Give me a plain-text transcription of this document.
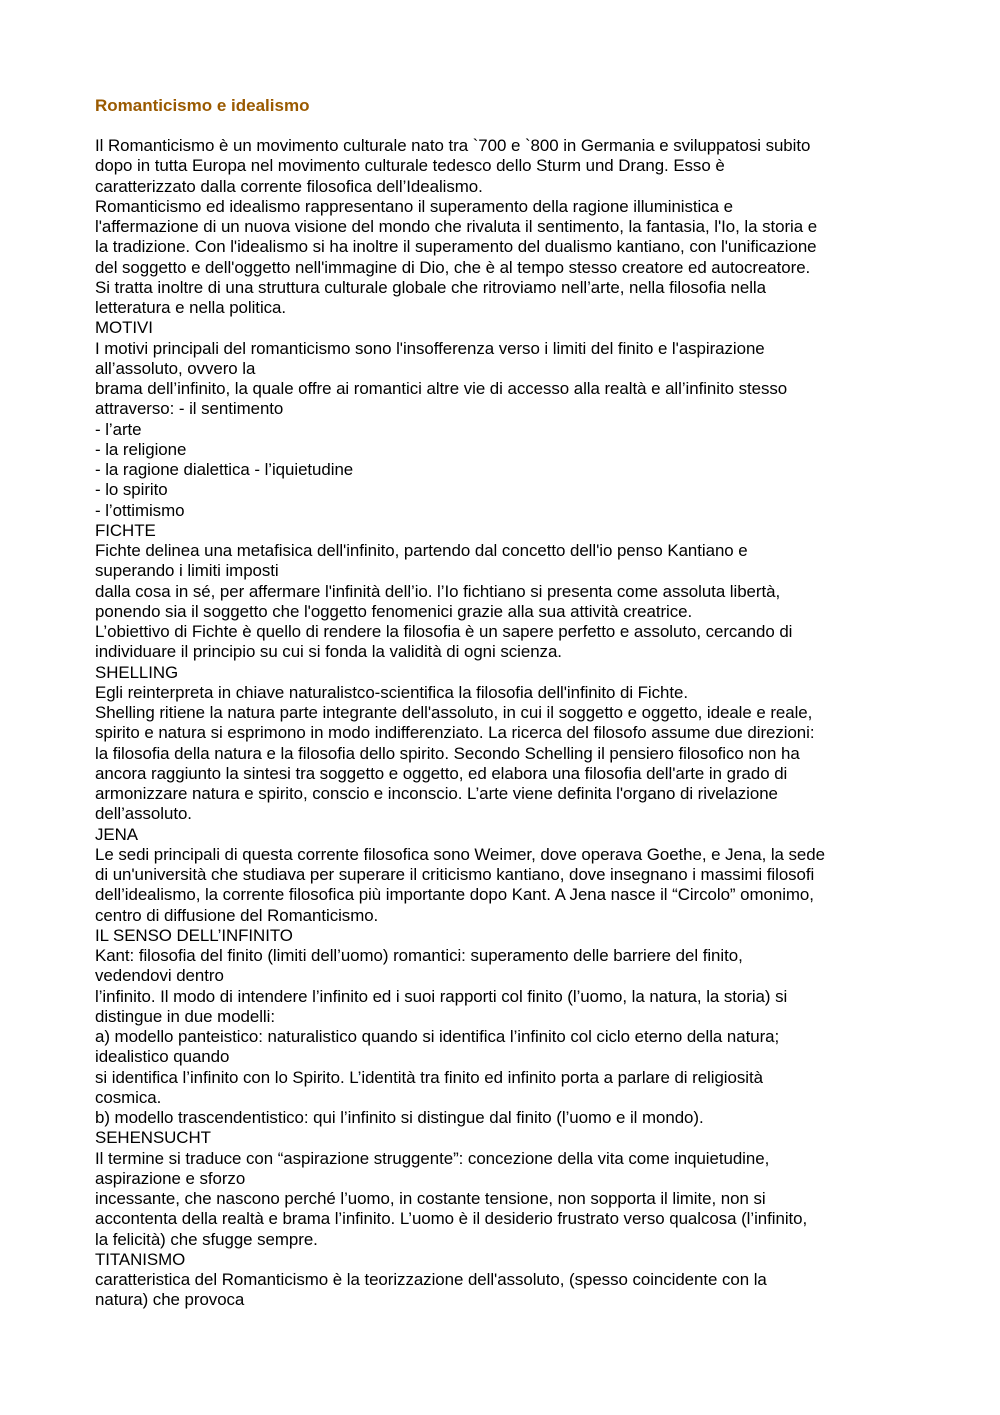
Romanticismo e idealismo
Il Romanticismo è un movimento culturale nato tra `700 e `800 in Germania e sviluppatosi subito
dopo in tutta Europa nel movimento culturale tedesco dello Sturm und Drang. Esso è
caratterizzato dalla corrente filosofica dell’Idealismo.
Romanticismo ed idealismo rappresentano il superamento della ragione illuministica e
l'affermazione di un nuova visione del mondo che rivaluta il sentimento, la fantasia, l'Io, la storia e
la tradizione. Con l'idealismo si ha inoltre il superamento del dualismo kantiano, con l'unificazione
del soggetto e dell'oggetto nell'immagine di Dio, che è al tempo stesso creatore ed autocreatore.
Si tratta inoltre di una struttura culturale globale che ritroviamo nell’arte, nella filosofia nella
letteratura e nella politica.
MOTIVI
I motivi principali del romanticismo sono l'insofferenza verso i limiti del finito e l'aspirazione
all’assoluto, ovvero la
brama dell’infinito, la quale offre ai romantici altre vie di accesso alla realtà e all’infinito stesso
attraverso: - il sentimento
- l’arte
- la religione
- la ragione dialettica - l’iquietudine
- lo spirito
- l’ottimismo
FICHTE
Fichte delinea una metafisica dell'infinito, partendo dal concetto dell'io penso Kantiano e
superando i limiti imposti
dalla cosa in sé, per affermare l'infinità dell’io. l’Io fichtiano si presenta come assoluta libertà,
ponendo sia il soggetto che l'oggetto fenomenici grazie alla sua attività creatrice.
L’obiettivo di Fichte è quello di rendere la filosofia è un sapere perfetto e assoluto, cercando di
individuare il principio su cui si fonda la validità di ogni scienza.
SHELLING
Egli reinterpreta in chiave naturalistco-scientifica la filosofia dell'infinito di Fichte.
Shelling ritiene la natura parte integrante dell'assoluto, in cui il soggetto e oggetto, ideale e reale,
spirito e natura si esprimono in modo indifferenziato. La ricerca del filosofo assume due direzioni:
la filosofia della natura e la filosofia dello spirito. Secondo Schelling il pensiero filosofico non ha
ancora raggiunto la sintesi tra soggetto e oggetto, ed elabora una filosofia dell'arte in grado di
armonizzare natura e spirito, conscio e inconscio. L’arte viene definita l'organo di rivelazione
dell’assoluto.
JENA
Le sedi principali di questa corrente filosofica sono Weimer, dove operava Goethe, e Jena, la sede
di un'università che studiava per superare il criticismo kantiano, dove insegnano i massimi filosofi
dell’idealismo, la corrente filosofica più importante dopo Kant. A Jena nasce il “Circolo” omonimo,
centro di diffusione del Romanticismo.
IL SENSO DELL’INFINITO
Kant: filosofia del finito (limiti dell’uomo) romantici: superamento delle barriere del finito,
vedendovi dentro
l’infinito. Il modo di intendere l’infinito ed i suoi rapporti col finito (l’uomo, la natura, la storia) si
distingue in due modelli:
a) modello panteistico: naturalistico quando si identifica l’infinito col ciclo eterno della natura;
idealistico quando
si identifica l’infinito con lo Spirito. L’identità tra finito ed infinito porta a parlare di religiosità
cosmica.
b) modello trascendentistico: qui l’infinito si distingue dal finito (l’uomo e il mondo).
SEHENSUCHT
Il termine si traduce con “aspirazione struggente”: concezione della vita come inquietudine,
aspirazione e sforzo
incessante, che nascono perché l’uomo, in costante tensione, non sopporta il limite, non si
accontenta della realtà e brama l’infinito. L’uomo è il desiderio frustrato verso qualcosa (l’infinito,
la felicità) che sfugge sempre.
TITANISMO
caratteristica del Romanticismo è la teorizzazione dell'assoluto, (spesso coincidente con la
natura) che provoca
